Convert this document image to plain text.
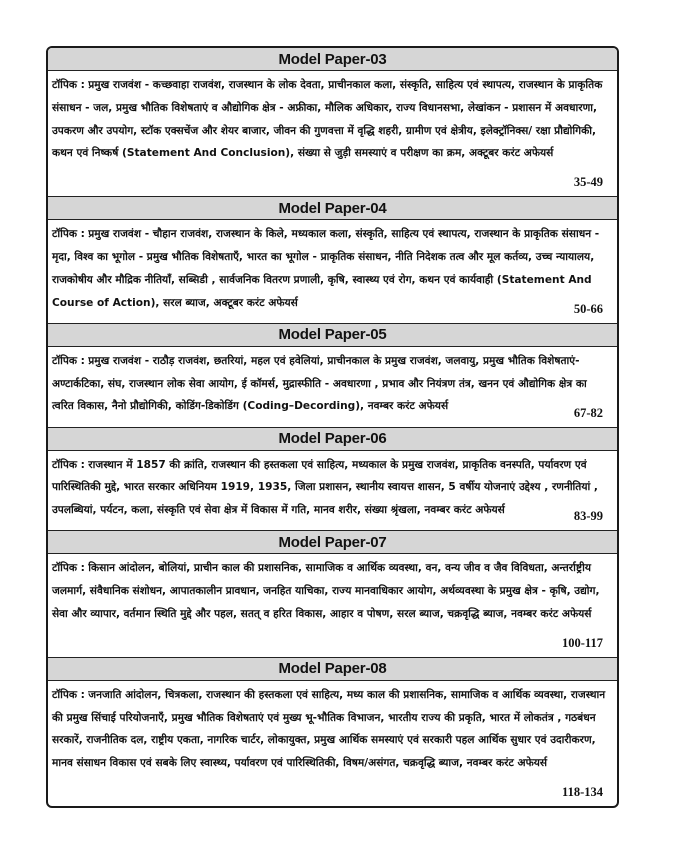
Model Paper-03
टॉपिक : प्रमुख राजवंश - कच्छवाहा राजवंश, राजस्थान के लोक देवता, प्राचीनकाल कला, संस्कृति, साहित्य एवं स्थापत्य, राजस्थान के प्राकृतिक संसाधन - जल, प्रमुख भौतिक विशेषताएं व औद्योगिक क्षेत्र - अफ्रीका, मौलिक अधिकार, राज्य विधानसभा, लेखांकन - प्रशासन में अवधारणा, उपकरण और उपयोग, स्टॉक एक्सचेंज और शेयर बाजार, जीवन की गुणवत्ता में वृद्धि शहरी, ग्रामीण एवं क्षेत्रीय, इलेक्ट्रॉनिक्स/ रक्षा प्रौद्योगिकी, कथन एवं निष्कर्ष (Statement And Conclusion), संख्या से जुड़ी समस्याएं व परीक्षण का क्रम, अक्टूबर करंट अफेयर्स
35-49
Model Paper-04
टॉपिक : प्रमुख राजवंश - चौहान राजवंश, राजस्थान के किले, मध्यकाल कला, संस्कृति, साहित्य एवं स्थापत्य, राजस्थान के प्राकृतिक संसाधन - मृदा, विश्व का भूगोल - प्रमुख भौतिक विशेषताएँ, भारत का भूगोल - प्राकृतिक संसाधन, नीति निदेशक तत्व और मूल कर्तव्य, उच्च न्यायालय, राजकोषीय और मौद्रिक नीतियाँ, सब्सिडी , सार्वजनिक वितरण प्रणाली, कृषि, स्वास्थ्य एवं रोग, कथन एवं कार्यवाही (Statement And Course of Action), सरल ब्याज, अक्टूबर करंट अफेयर्स	50-66
Model Paper-05
टॉपिक : प्रमुख राजवंश - राठौड़ राजवंश, छतरियां, महल एवं हवेलियां, प्राचीनकाल के प्रमुख राजवंश, जलवायु, प्रमुख भौतिक विशेषताएं- अण्टार्कटिका, संघ, राजस्थान लोक सेवा आयोग, ई कॉमर्स, मुद्रास्फीति - अवधारणा , प्रभाव और नियंत्रण तंत्र, खनन एवं औद्योगिक क्षेत्र का त्वरित विकास, नैनो प्रौद्योगिकी, कोडिंग-डिकोडिंग (Coding–Decording), नवम्बर करंट अफेयर्स	67-82
Model Paper-06
टॉपिक : राजस्थान में 1857 की क्रांति, राजस्थान की हस्तकला एवं साहित्य, मध्यकाल के प्रमुख राजवंश, प्राकृतिक वनस्पति, पर्यावरण एवं पारिस्थितिकी मुद्दे, भारत सरकार अधिनियम 1919, 1935, जिला प्रशासन, स्थानीय स्वायत्त शासन, 5 वर्षीय योजनाएं उद्देश्य , रणनीतियां , उपलब्धियां, पर्यटन, कला, संस्कृति एवं सेवा क्षेत्र में विकास में गति, मानव शरीर, संख्या श्रृंखला, नवम्बर करंट अफेयर्स	83-99
Model Paper-07
टॉपिक : किसान आंदोलन, बोलियां, प्राचीन काल की प्रशासनिक, सामाजिक व आर्थिक व्यवस्था, वन, वन्य जीव व जैव विविधता, अन्तर्राष्ट्रीय जलमार्ग, संवैधानिक संशोधन, आपातकालीन प्रावधान, जनहित याचिका, राज्य मानवाधिकार आयोग, अर्थव्यवस्था के प्रमुख क्षेत्र - कृषि, उद्योग, सेवा और व्यापार, वर्तमान स्थिति मुद्दे और पहल, सतत् व हरित विकास, आहार व पोषण, सरल ब्याज, चक्रवृद्धि ब्याज, नवम्बर करंट अफेयर्स
100-117
Model Paper-08
टॉपिक : जनजाति आंदोलन, चित्रकला, राजस्थान की हस्तकला एवं साहित्य, मध्य काल की प्रशासनिक, सामाजिक व आर्थिक व्यवस्था, राजस्थान की प्रमुख सिंचाई परियोजनाएँ, प्रमुख भौतिक विशेषताएं एवं मुख्य भू-भौतिक विभाजन, भारतीय राज्य की प्रकृति, भारत में लोकतंत्र , गठबंधन सरकारें, राजनीतिक दल, राष्ट्रीय एकता, नागरिक चार्टर, लोकायुक्त, प्रमुख आर्थिक समस्याएं एवं सरकारी पहल आर्थिक सुधार एवं उदारीकरण, मानव संसाधन विकास एवं सबके लिए स्वास्थ्य, पर्यावरण एवं पारिस्थितिकी, विषम/असंगत, चक्रवृद्धि ब्याज, नवम्बर करंट अफेयर्स
118-134
